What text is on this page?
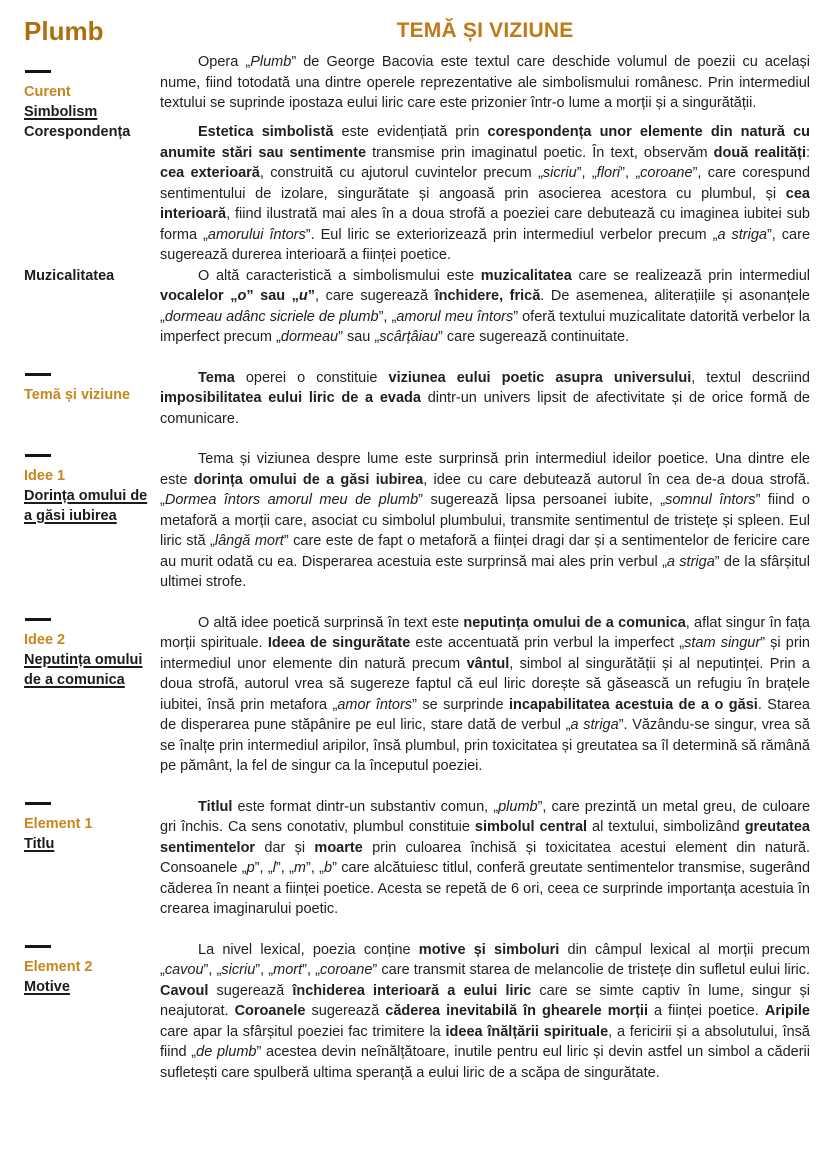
Plumb	TEMĂ ȘI VIZIUNE
Curent
Simbolism

Opera „Plumb” de George Bacovia este textul care deschide volumul de poezii cu același nume, fiind totodată una dintre operele reprezentative ale simbolismului românesc. Prin intermediul textului se suprinde ipostaza eului liric care este prizonier într-o lume a morții și a singurătății.

Corespondența	Estetica simbolistă este evidențiată prin corespondența unor elemente din natură cu anumite stări sau sentimente transmise prin imaginatul poetic. În text, observăm două realități: cea exterioară, construită cu ajutorul cuvintelor precum „sicriu”, „flori”, „coroane”, care corespund sentimentului de izolare, singurătate și angoasă prin asocierea acestora cu plumbul, și cea interioară, fiind ilustrată mai ales în a doua strofă a poeziei care debutează cu imaginea iubitei sub forma „amorului întors”. Eul liric se exteriorizează prin intermediul verbelor precum „a striga”, care sugerează durerea interioară a ființei poetice.

Muzicalitatea	O altă caracteristică a simbolismului este muzicalitatea care se realizează prin intermediul vocalelor „o” sau „u”, care sugerează închidere, frică. De asemenea, aliterațiile și asonanțele „dormeau adânc sicriele de plumb”, „amorul meu întors” oferă textului muzicalitate datorită verbelor la imperfect precum „dormeau” sau „scârțâiau” care sugerează continuitate.

Temă și viziune

Tema operei o constituie viziunea eului poetic asupra universului, textul descriind imposibilitatea eului liric de a evada dintr-un univers lipsit de afectivitate și de orice formă de comunicare.

Idee 1
Dorința omului de a găsi iubirea

Tema și viziunea despre lume este surprinsă prin intermediul ideilor poetice. Una dintre ele este dorința omului de a găsi iubirea, idee cu care debutează autorul în cea de-a doua strofă. „Dormea întors amorul meu de plumb” sugerează lipsa persoanei iubite, „somnul întors” fiind o metaforă a morții care, asociat cu simbolul plumbului, transmite sentimentul de tristețe și spleen. Eul liric stă „lângă mort” care este de fapt o metaforă a ființei dragi dar și a sentimentelor de fericire care au murit odată cu ea. Disperarea acestuia este surprinsă mai ales prin verbul „a striga” de la sfârșitul ultimei strofe.

Idee 2
Neputința omului de a comunica

O altă idee poetică surprinsă în text este neputința omului de a comunica, aflat singur în fața morții spirituale. Ideea de singurătate este accentuată prin verbul la imperfect „stam singur” și prin intermediul unor elemente din natură precum vântul, simbol al singurătății și al neputinței. Prin a doua strofă, autorul vrea să sugereze faptul că eul liric dorește să găsească un refugiu în brațele iubitei, însă prin metafora „amor întors” se surprinde incapabilitatea acestuia de a o găsi. Starea de disperarea pune stăpânire pe eul liric, stare dată de verbul „a striga”. Văzându-se singur, vrea să se înalțe prin intermediul aripilor, însă plumbul, prin toxicitatea și greutatea sa îl determină să rămână pe pământ, la fel de singur ca la începutul poeziei.

Element 1
Titlu

Titlul este format dintr-un substantiv comun, „plumb”, care prezintă un metal greu, de culoare gri închis. Ca sens conotativ, plumbul constituie simbolul central al textului, simbolizând greutatea sentimentelor dar și moarte prin culoarea închisă și toxicitatea acestui element din natură. Consoanele „p”, „l”, „m”, „b” care alcătuiesc titlul, conferă greutate sentimentelor transmise, sugerând căderea în neant a ființei poetice. Acesta se repetă de 6 ori, ceea ce surprinde importanța acestuia în crearea imaginarului poetic.

Element 2
Motive

La nivel lexical, poezia conține motive și simboluri din câmpul lexical al morții precum „cavou”, „sicriu”, „mort”, „coroane” care transmit starea de melancolie de tristețe din sufletul eului liric. Cavoul sugerează închiderea interioară a eului liric care se simte captiv în lume, singur și neajutorat. Coroanele sugerează căderea inevitabilă în ghearele morții a ființei poetice. Aripile care apar la sfârșitul poeziei fac trimitere la ideea înălțării spirituale, a fericirii și a absolutului, însă fiind „de plumb” acestea devin neînălțătoare, inutile pentru eul liric și devin astfel un simbol a căderii sufletești care spulberă ultima speranță a eului liric de a scăpa de singurătate.
